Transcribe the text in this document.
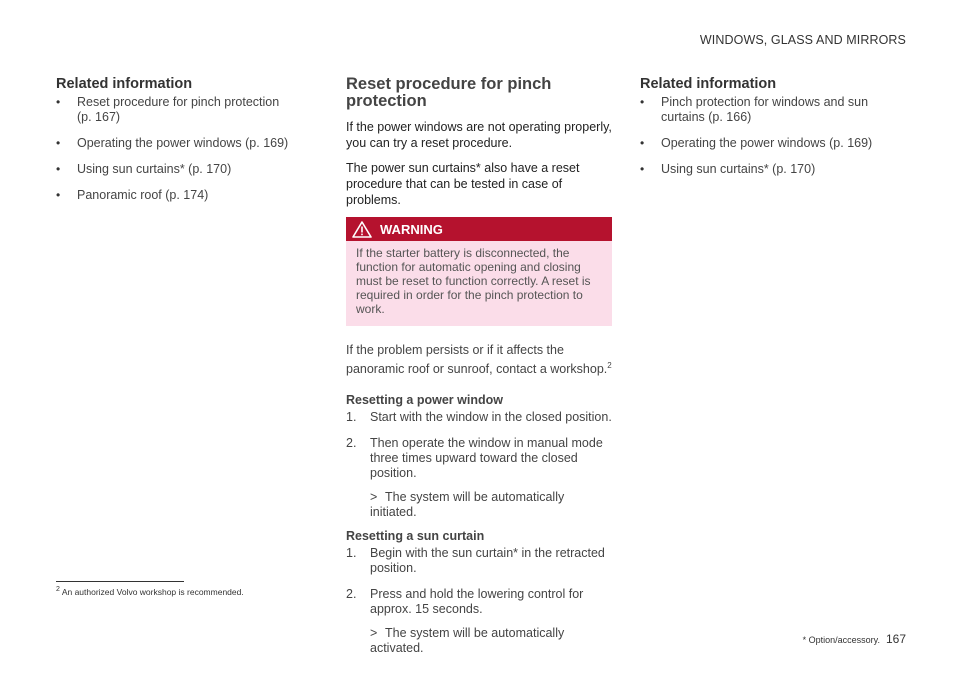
WINDOWS, GLASS AND MIRRORS
Related information
• Reset procedure for pinch protection (p. 167)
• Operating the power windows (p. 169)
• Using sun curtains* (p. 170)
• Panoramic roof (p. 174)
Reset procedure for pinch protection

If the power windows are not operating properly, you can try a reset procedure.

The power sun curtains* also have a reset procedure that can be tested in case of problems.

WARNING
If the starter battery is disconnected, the function for automatic opening and closing must be reset to function correctly. A reset is required in order for the pinch protection to work.

If the problem persists or if it affects the panoramic roof or sunroof, contact a workshop.$^2$

Resetting a power window
1. Start with the window in the closed position.
2. Then operate the window in manual mode three times upward toward the closed position.
> The system will be automatically initiated.
Resetting a sun curtain
1. Begin with the sun curtain* in the retracted position.
2. Press and hold the lowering control for approx. 15 seconds.
> The system will be automatically activated.
Related information
• Pinch protection for windows and sun curtains (p. 166)
• Operating the power windows (p. 169)
• Using sun curtains* (p. 170)
$^2$ An authorized Volvo workshop is recommended.
* Option/accessory. 167
